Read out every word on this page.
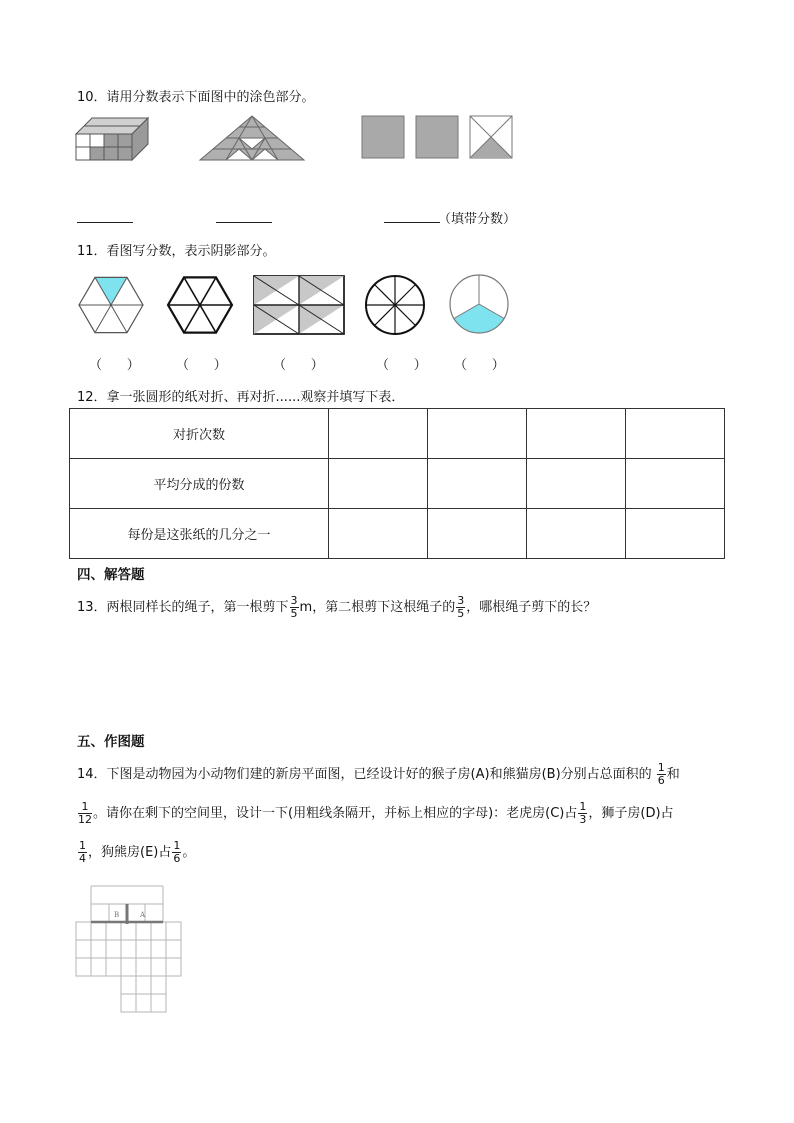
10．请用分数表示下面图中的涂色部分。
（填带分数）
11．看图写分数，表示阴影部分。
（      ）	（      ）	（      ）	（      ） （      ）
12．拿一张圆形的纸对折、再对折......观察并填写下表．
对折次数				
平均分成的份数				
每份是这张纸的几分之一				
四、解答题
13．两根同样长的绳子，第一根剪下 $\frac{3}{5}$ m，第二根剪下这根绳子的 $\frac{3}{5}$ ，哪根绳子剪下的长？
五、作图题
14．下图是动物园为小动物们建的新房平面图，已经设计好的猴子房(A)和熊猫房(B)分别占总面积的 $\frac{1}{6}$ 和
$\frac{1}{12}$ 。请你在剩下的空间里，设计一下(用粗线条隔开，并标上相应的字母)：老虎房(C)占 $\frac{1}{3}$ ，狮子房(D)占
$\frac{1}{4}$ ，狗熊房(E)占 $\frac{1}{6}$ 。
B	A
